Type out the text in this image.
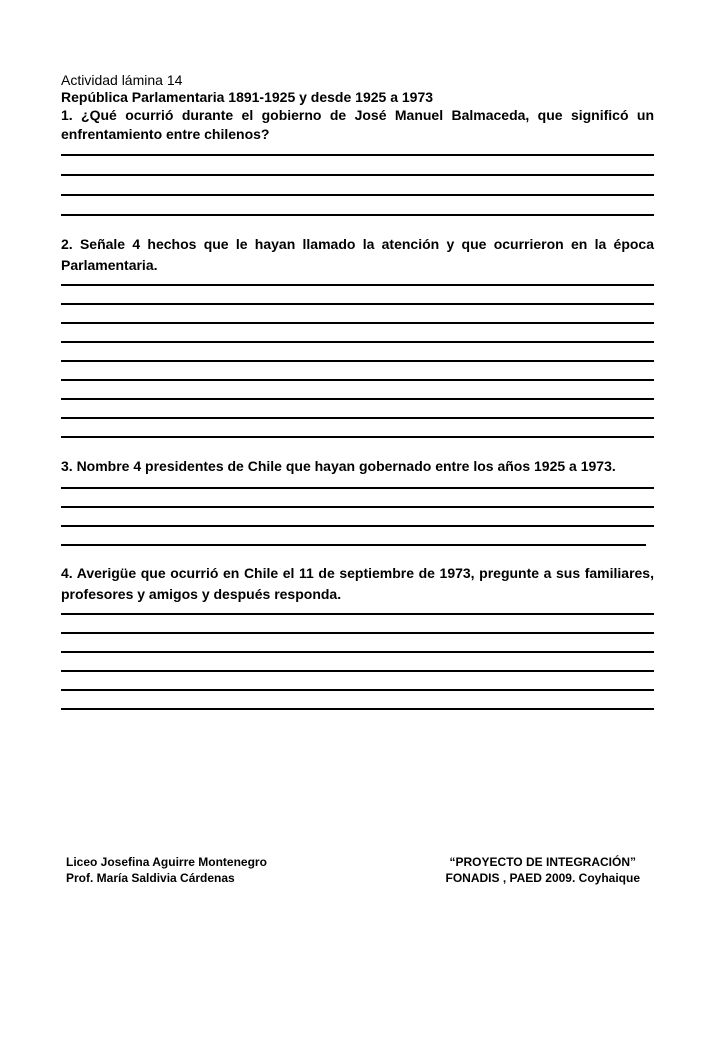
Actividad lámina 14
República Parlamentaria 1891-1925 y desde 1925 a 1973
1. ¿Qué ocurrió durante el gobierno de José Manuel Balmaceda, que significó un enfrentamiento entre chilenos?
2. Señale 4 hechos que le hayan llamado la atención y que ocurrieron en la época Parlamentaria.
3. Nombre 4 presidentes de Chile que hayan gobernado entre los años 1925 a 1973.
4. Averigüe que ocurrió en Chile el 11 de septiembre de 1973, pregunte a sus familiares, profesores y amigos y después responda.
Liceo Josefina Aguirre Montenegro
Prof. María Saldivia Cárdenas
“PROYECTO DE INTEGRACIÓN”
FONADIS , PAED 2009. Coyhaique
